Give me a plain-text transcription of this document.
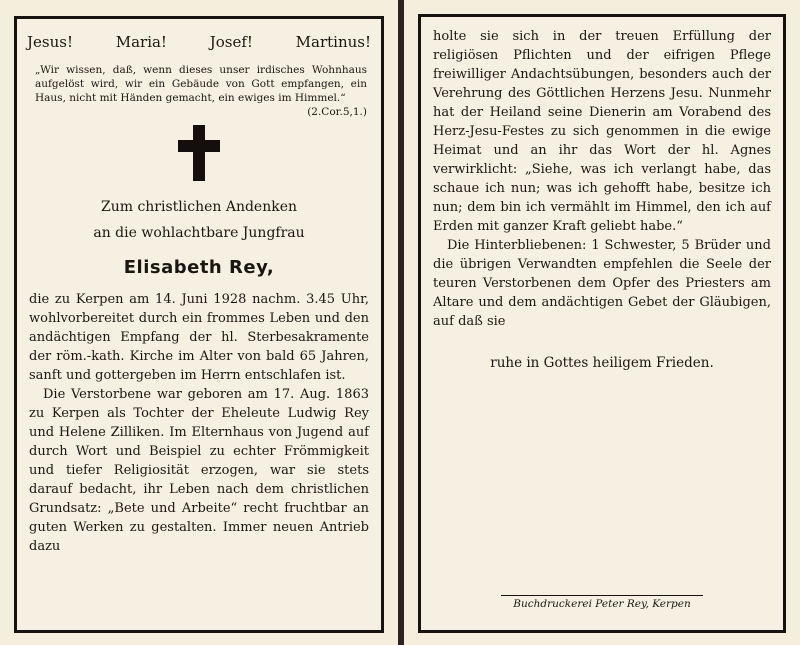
Jesus!	Maria!	Josef!	Martinus!
„Wir wissen, daß, wenn dieses unser irdisches Wohnhaus aufgelöst wird, wir ein Gebäude von Gott empfangen, ein Haus, nicht mit Händen gemacht, ein ewiges im Himmel.“
(2.Cor.5,1.)
Zum christlichen Andenken
an die wohlachtbare Jungfrau
Elisabeth Rey,
die zu Kerpen am 14. Juni 1928 nachm. 3.45 Uhr, wohlvorbereitet durch ein frommes Leben und den andächtigen Empfang der hl. Sterbesakramente der röm.-kath. Kirche im Alter von bald 65 Jahren, sanft und gottergeben im Herrn entschlafen ist.
Die Verstorbene war geboren am 17. Aug. 1863 zu Kerpen als Tochter der Eheleute Ludwig Rey und Helene Zilliken. Im Elternhaus von Jugend auf durch Wort und Beispiel zu echter Frömmigkeit und tiefer Religiosität erzogen, war sie stets darauf bedacht, ihr Leben nach dem christlichen Grundsatz: „Bete und Arbeite“ recht fruchtbar an guten Werken zu gestalten. Immer neuen Antrieb dazu
holte sie sich in der treuen Erfüllung der religiösen Pflichten und der eifrigen Pflege freiwilliger Andachtsübungen, besonders auch der Verehrung des Göttlichen Herzens Jesu. Nunmehr hat der Heiland seine Dienerin am Vorabend des Herz-Jesu-Festes zu sich genommen in die ewige Heimat und an ihr das Wort der hl. Agnes verwirklicht: „Siehe, was ich verlangt habe, das schaue ich nun; was ich gehofft habe, besitze ich nun; dem bin ich vermählt im Himmel, den ich auf Erden mit ganzer Kraft geliebt habe.“
Die Hinterbliebenen: 1 Schwester, 5 Brüder und die übrigen Verwandten empfehlen die Seele der teuren Verstorbenen dem Opfer des Priesters am Altare und dem andächtigen Gebet der Gläubigen, auf daß sie
ruhe in Gottes heiligem Frieden.
Buchdruckerei Peter Rey, Kerpen
